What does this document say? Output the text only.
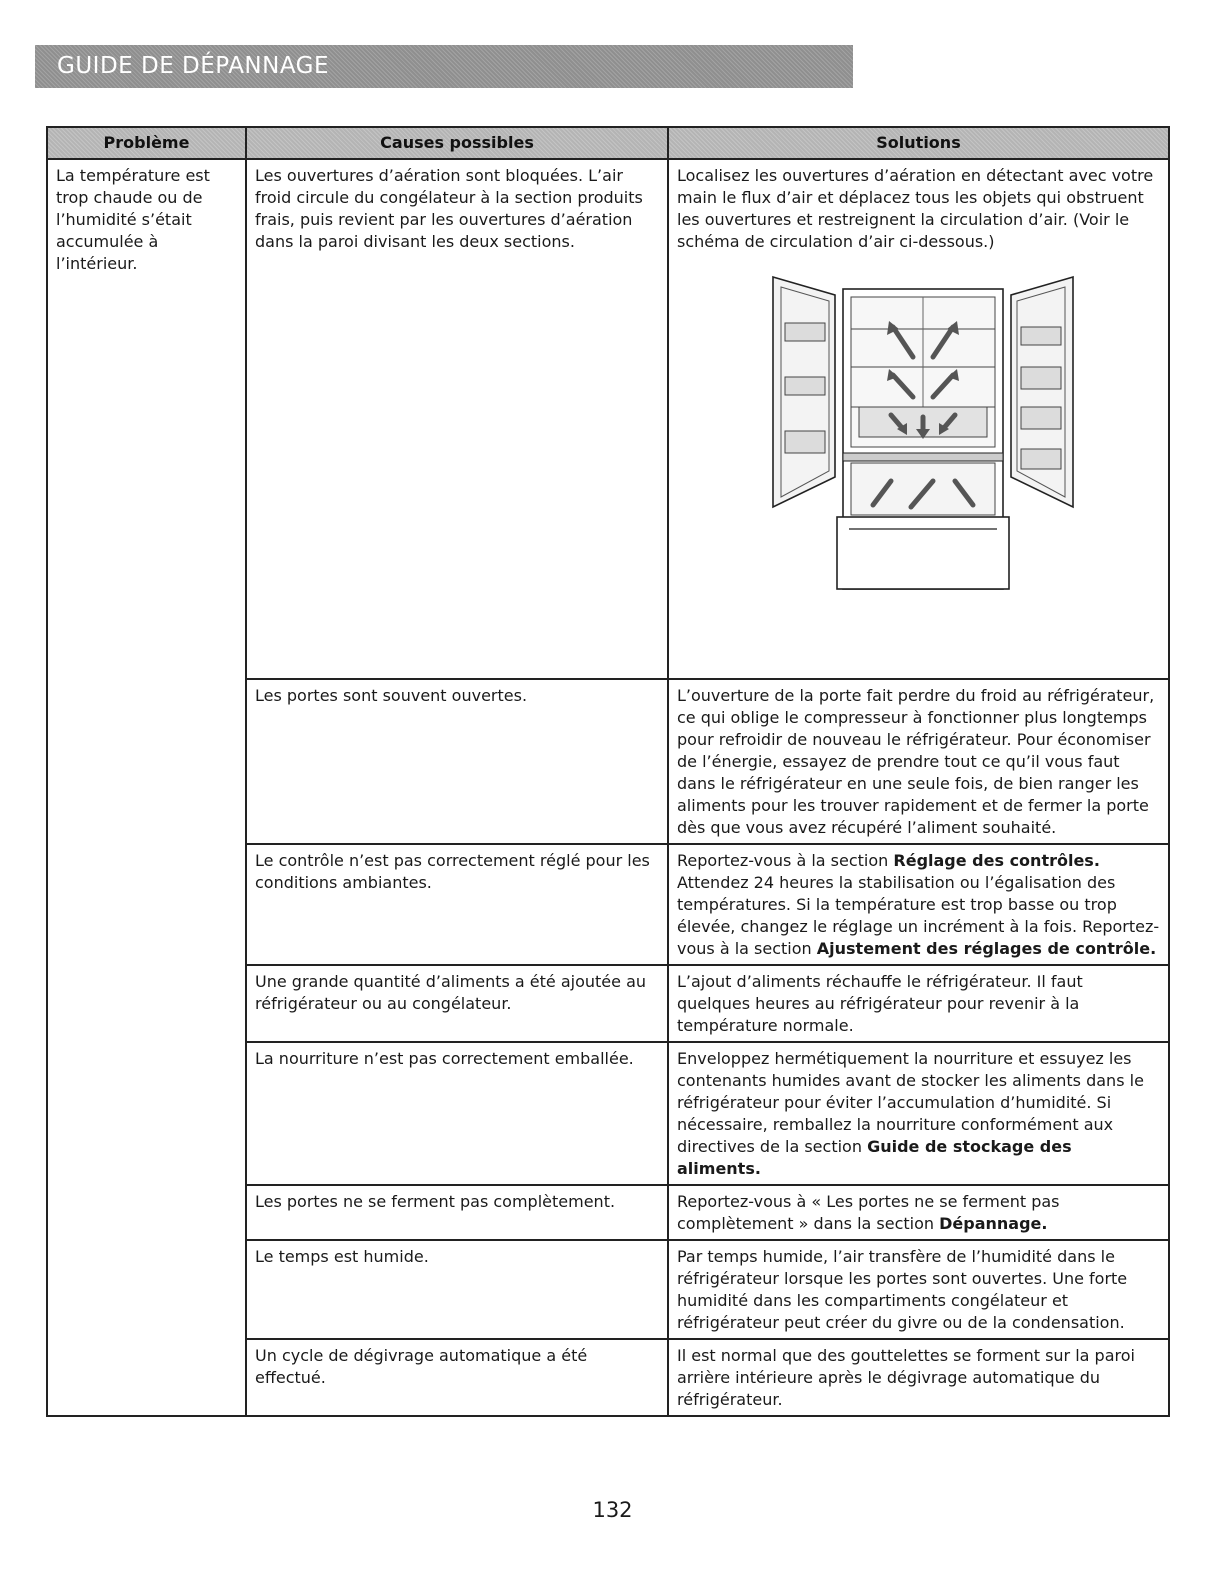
GUIDE DE DÉPANNAGE
Problème	Causes possibles	Solutions
La température est trop chaude ou de l’humidité s’était accumulée à l’intérieur.	Les ouvertures d’aération sont bloquées. L’air froid circule du congélateur à la section produits frais, puis revient par les ouvertures d’aération dans la paroi divisant les deux sections.	Localisez les ouvertures d’aération en détectant avec votre main le flux d’air et déplacez tous les objets qui obstruent les ouvertures et restreignent la circulation d’air. (Voir le schéma de circulation d’air ci-dessous.)

	Les portes sont souvent ouvertes.	L’ouverture de la porte fait perdre du froid au réfrigérateur, ce qui oblige le compresseur à fonctionner plus longtemps pour refroidir de nouveau le réfrigérateur. Pour économiser de l’énergie, essayez de prendre tout ce qu’il vous faut dans le réfrigérateur en une seule fois, de bien ranger les aliments pour les trouver rapidement et de fermer la porte dès que vous avez récupéré l’aliment souhaité.
	Le contrôle n’est pas correctement réglé pour les conditions ambiantes.	Reportez-vous à la section Réglage des contrôles. Attendez 24 heures la stabilisation ou l’égalisation des températures. Si la température est trop basse ou trop élevée, changez le réglage un incrément à la fois. Reportez-vous à la section Ajustement des réglages de contrôle.
	Une grande quantité d’aliments a été ajoutée au réfrigérateur ou au congélateur.	L’ajout d’aliments réchauffe le réfrigérateur. Il faut quelques heures au réfrigérateur pour revenir à la température normale.
	La nourriture n’est pas correctement emballée.	Enveloppez hermétiquement la nourriture et essuyez les contenants humides avant de stocker les aliments dans le réfrigérateur pour éviter l’accumulation d’humidité. Si nécessaire, remballez la nourriture conformément aux directives de la section Guide de stockage des aliments.
	Les portes ne se ferment pas complètement.	Reportez-vous à « Les portes ne se ferment pas complètement » dans la section Dépannage.
	Le temps est humide.	Par temps humide, l’air transfère de l’humidité dans le réfrigérateur lorsque les portes sont ouvertes. Une forte humidité dans les compartiments congélateur et réfrigérateur peut créer du givre ou de la condensation.
	Un cycle de dégivrage automatique a été effectué.	Il est normal que des gouttelettes se forment sur la paroi arrière intérieure après le dégivrage automatique du réfrigérateur.
132
